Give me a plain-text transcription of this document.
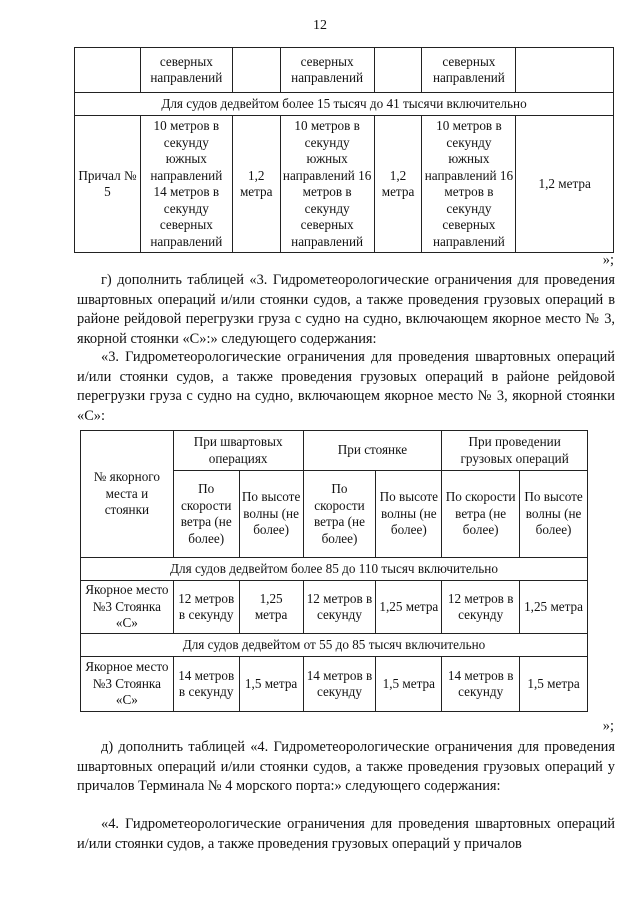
12
	северных направлений		северных направлений		северных направлений	
Для судов дедвейтом более 15 тысяч до 41 тысячи включительно						
Причал № 5	10 метров в секунду южных направлений 14 метров в секунду северных направлений	1,2 метра	10 метров в секунду южных направлений 16 метров в секунду северных направлений	1,2 метра	10 метров в секунду южных направлений 16 метров в секунду северных направлений	1,2 метра
»;

г) дополнить таблицей «3. Гидрометеорологические ограничения для проведения швартовных операций и/или стоянки судов, а также проведения грузовых операций в районе рейдовой перегрузки груза с судно на судно, включающем якорное место № 3, якорной стоянки «С»:» следующего содержания:

«3. Гидрометеорологические ограничения для проведения швартовных операций и/или стоянки судов, а также проведения грузовых операций в районе рейдовой перегрузки груза с судно на судно, включающем якорное место № 3, якорной стоянки «С»:

№ якорного места и стоянки	При швартовых операциях		При стоянке		При проведении грузовых операций	
	По скорости ветра (не более)	По высоте волны (не более)	По скорости ветра (не более)	По высоте волны (не более)	По скорости ветра (не более)	По высоте волны (не более)
Для судов дедвейтом более 85 до 110 тысяч включительно						
Якорное место №3 Стоянка «С»	12 метров в секунду	1,25 метра	12 метров в секунду	1,25 метра	12 метров в секунду	1,25 метра
Для судов дедвейтом от 55 до 85 тысяч включительно						
Якорное место №3 Стоянка «С»	14 метров в секунду	1,5 метра	14 метров в секунду	1,5 метра	14 метров в секунду	1,5 метра
»;

д) дополнить таблицей «4. Гидрометеорологические ограничения для проведения швартовных операций и/или стоянки судов, а также проведения грузовых операций у причалов Терминала № 4 морского порта:» следующего содержания:

«4. Гидрометеорологические ограничения для проведения швартовных операций и/или стоянки судов, а также проведения грузовых операций у причалов
